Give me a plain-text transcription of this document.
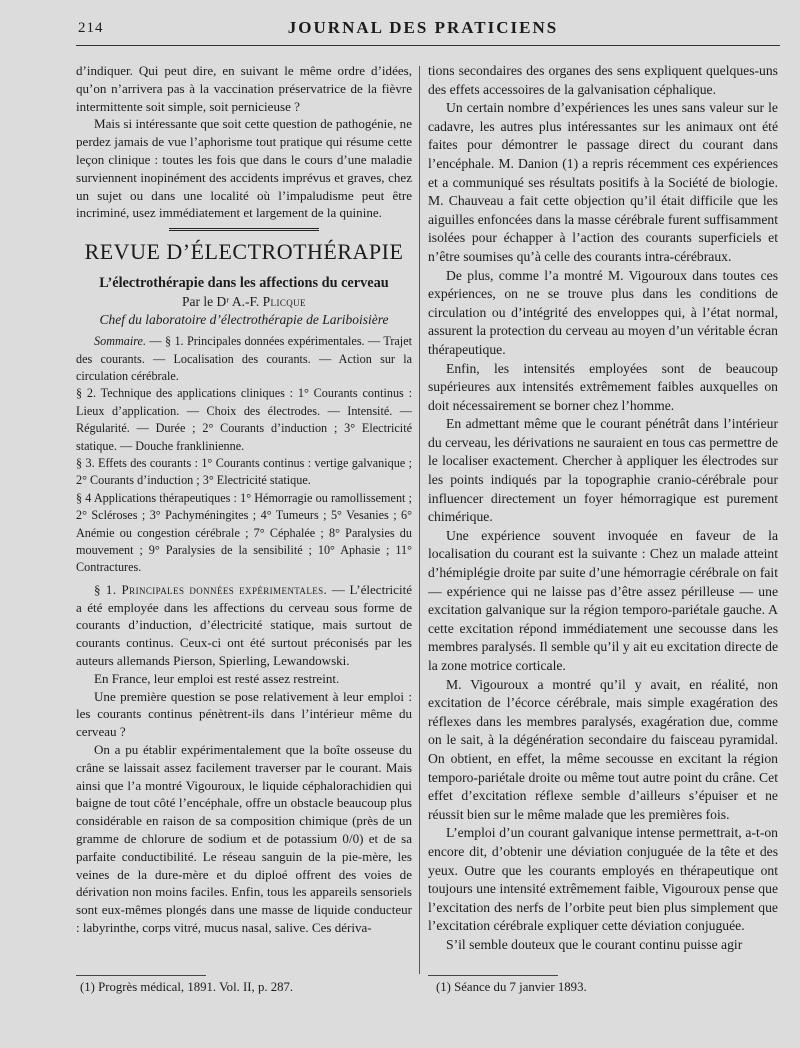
214	JOURNAL DES PRATICIENS

d’indiquer. Qui peut dire, en suivant le même ordre d’idées, qu’on n’arrivera pas à la vaccination préservatrice de la fièvre intermittente soit simple, soit pernicieuse ?

Mais si intéressante que soit cette question de pathogénie, ne perdez jamais de vue l’aphorisme tout pratique qui résume cette leçon clinique : toutes les fois que dans le cours d’une maladie surviennent inopinément des accidents imprévus et graves, chez un sujet ou dans une localité où l’impaludisme peut être incriminé, usez immédiatement et largement de la quinine.

REVUE D’ÉLECTROTHÉRAPIE
L’électrothérapie dans les affections du cerveau
Par le Dʳ A.-F. Plicque
Chef du laboratoire d’électrothérapie de Lariboisière

Sommaire. — § 1. Principales données expérimentales. — Trajet des courants. — Localisation des courants. — Action sur la circulation cérébrale.

§ 2. Technique des applications cliniques : 1° Courants continus : Lieux d’application. — Choix des électrodes. — Intensité. — Régularité. — Durée ; 2° Courants d’induction ; 3° Electricité statique. — Douche franklinienne.

§ 3. Effets des courants : 1° Courants continus : vertige galvanique ; 2° Courants d’induction ; 3° Electricité statique.

§ 4 Applications thérapeutiques : 1° Hémorragie ou ramollissement ; 2° Scléroses ; 3° Pachyméningites ; 4° Tumeurs ; 5° Vesanies ; 6° Anémie ou congestion cérébrale ; 7° Céphalée ; 8° Paralysies du mouvement ; 9° Paralysies de la sensibilité ; 10° Aphasie ; 11° Contractures.

§ 1. Principales données expérimentales. — L’électricité a été employée dans les affections du cerveau sous forme de courants d’induction, d’électricité statique, mais surtout de courants continus. Ceux-ci ont été surtout préconisés par les auteurs allemands Pierson, Spierling, Lewandowski.

En France, leur emploi est resté assez restreint.

Une première question se pose relativement à leur emploi : les courants continus pénètrent-ils dans l’intérieur même du cerveau ?

On a pu établir expérimentalement que la boîte osseuse du crâne se laissait assez facilement traverser par le courant. Mais ainsi que l’a montré Vigouroux, le liquide céphalorachidien qui baigne de tout côté l’encéphale, offre un obstacle beaucoup plus considérable en raison de sa composition chimique (près de un gramme de chlorure de sodium et de potassium 0/0) et de sa parfaite conductibilité. Le réseau sanguin de la pie-mère, les veines de la dure-mère et du diploé offrent des voies de dérivation non moins faciles. Enfin, tous les appareils sensoriels sont eux-mêmes plongés dans une masse de liquide conducteur : labyrinthe, corps vitré, mucus nasal, salive. Ces dériva-

tions secondaires des organes des sens expliquent quelques-uns des effets accessoires de la galvanisation céphalique.

Un certain nombre d’expériences les unes sans valeur sur le cadavre, les autres plus intéressantes sur les animaux ont été faites pour démontrer le passage direct du courant dans l’encéphale. M. Danion (1) a repris récemment ces expériences et a communiqué ses résultats positifs à la Société de biologie. M. Chauveau a fait cette objection qu’il était difficile que les aiguilles enfoncées dans la masse cérébrale furent suffisamment isolées pour échapper à l’action des courants superficiels et n’être soumises qu’à celle des courants intra-cérébraux.

De plus, comme l’a montré M. Vigouroux dans toutes ces expériences, on ne se trouve plus dans les conditions de circulation ou d’intégrité des enveloppes qui, à l’état normal, assurent la protection du cerveau au moyen d’un véritable écran thérapeutique.

Enfin, les intensités employées sont de beaucoup supérieures aux intensités extrêmement faibles auxquelles on doit nécessairement se borner chez l’homme.

En admettant même que le courant pénétrât dans l’intérieur du cerveau, les dérivations ne sauraient en tous cas permettre de le localiser exactement. Chercher à appliquer les électrodes sur les points indiqués par la topographie cranio-cérébrale pour influencer directement un foyer hémorragique est purement chimérique.

Une expérience souvent invoquée en faveur de la localisation du courant est la suivante : Chez un malade atteint d’hémiplégie droite par suite d’une hémorragie cérébrale on fait — expérience qui ne laisse pas d’être assez périlleuse — une excitation galvanique sur la région temporo-pariétale gauche. A cette excitation répond immédiatement une secousse dans les membres paralysés. Il semble qu’il y ait eu excitation directe de la zone motrice corticale.

M. Vigouroux a montré qu’il y avait, en réalité, non excitation de l’écorce cérébrale, mais simple exagération des réflexes dans les membres paralysés, exagération due, comme on le sait, à la dégénération secondaire du faisceau pyramidal. On obtient, en effet, la même secousse en excitant la région temporo-pariétale droite ou même tout autre point du crâne. Cet effet d’excitation réflexe semble d’ailleurs s’épuiser et ne réussit bien sur le même malade que les premières fois.

L’emploi d’un courant galvanique intense permettrait, a-t-on encore dit, d’obtenir une déviation conjuguée de la tête et des yeux. Outre que les courants employés en thérapeutique ont toujours une intensité extrêmement faible, Vigouroux pense que l’excitation des nerfs de l’orbite peut bien plus simplement que l’excitation cérébrale expliquer cette déviation conjuguée.

S’il semble douteux que le courant continu puisse agir

(1) Progrès médical, 1891. Vol. II, p. 287.	(1) Séance du 7 janvier 1893.
